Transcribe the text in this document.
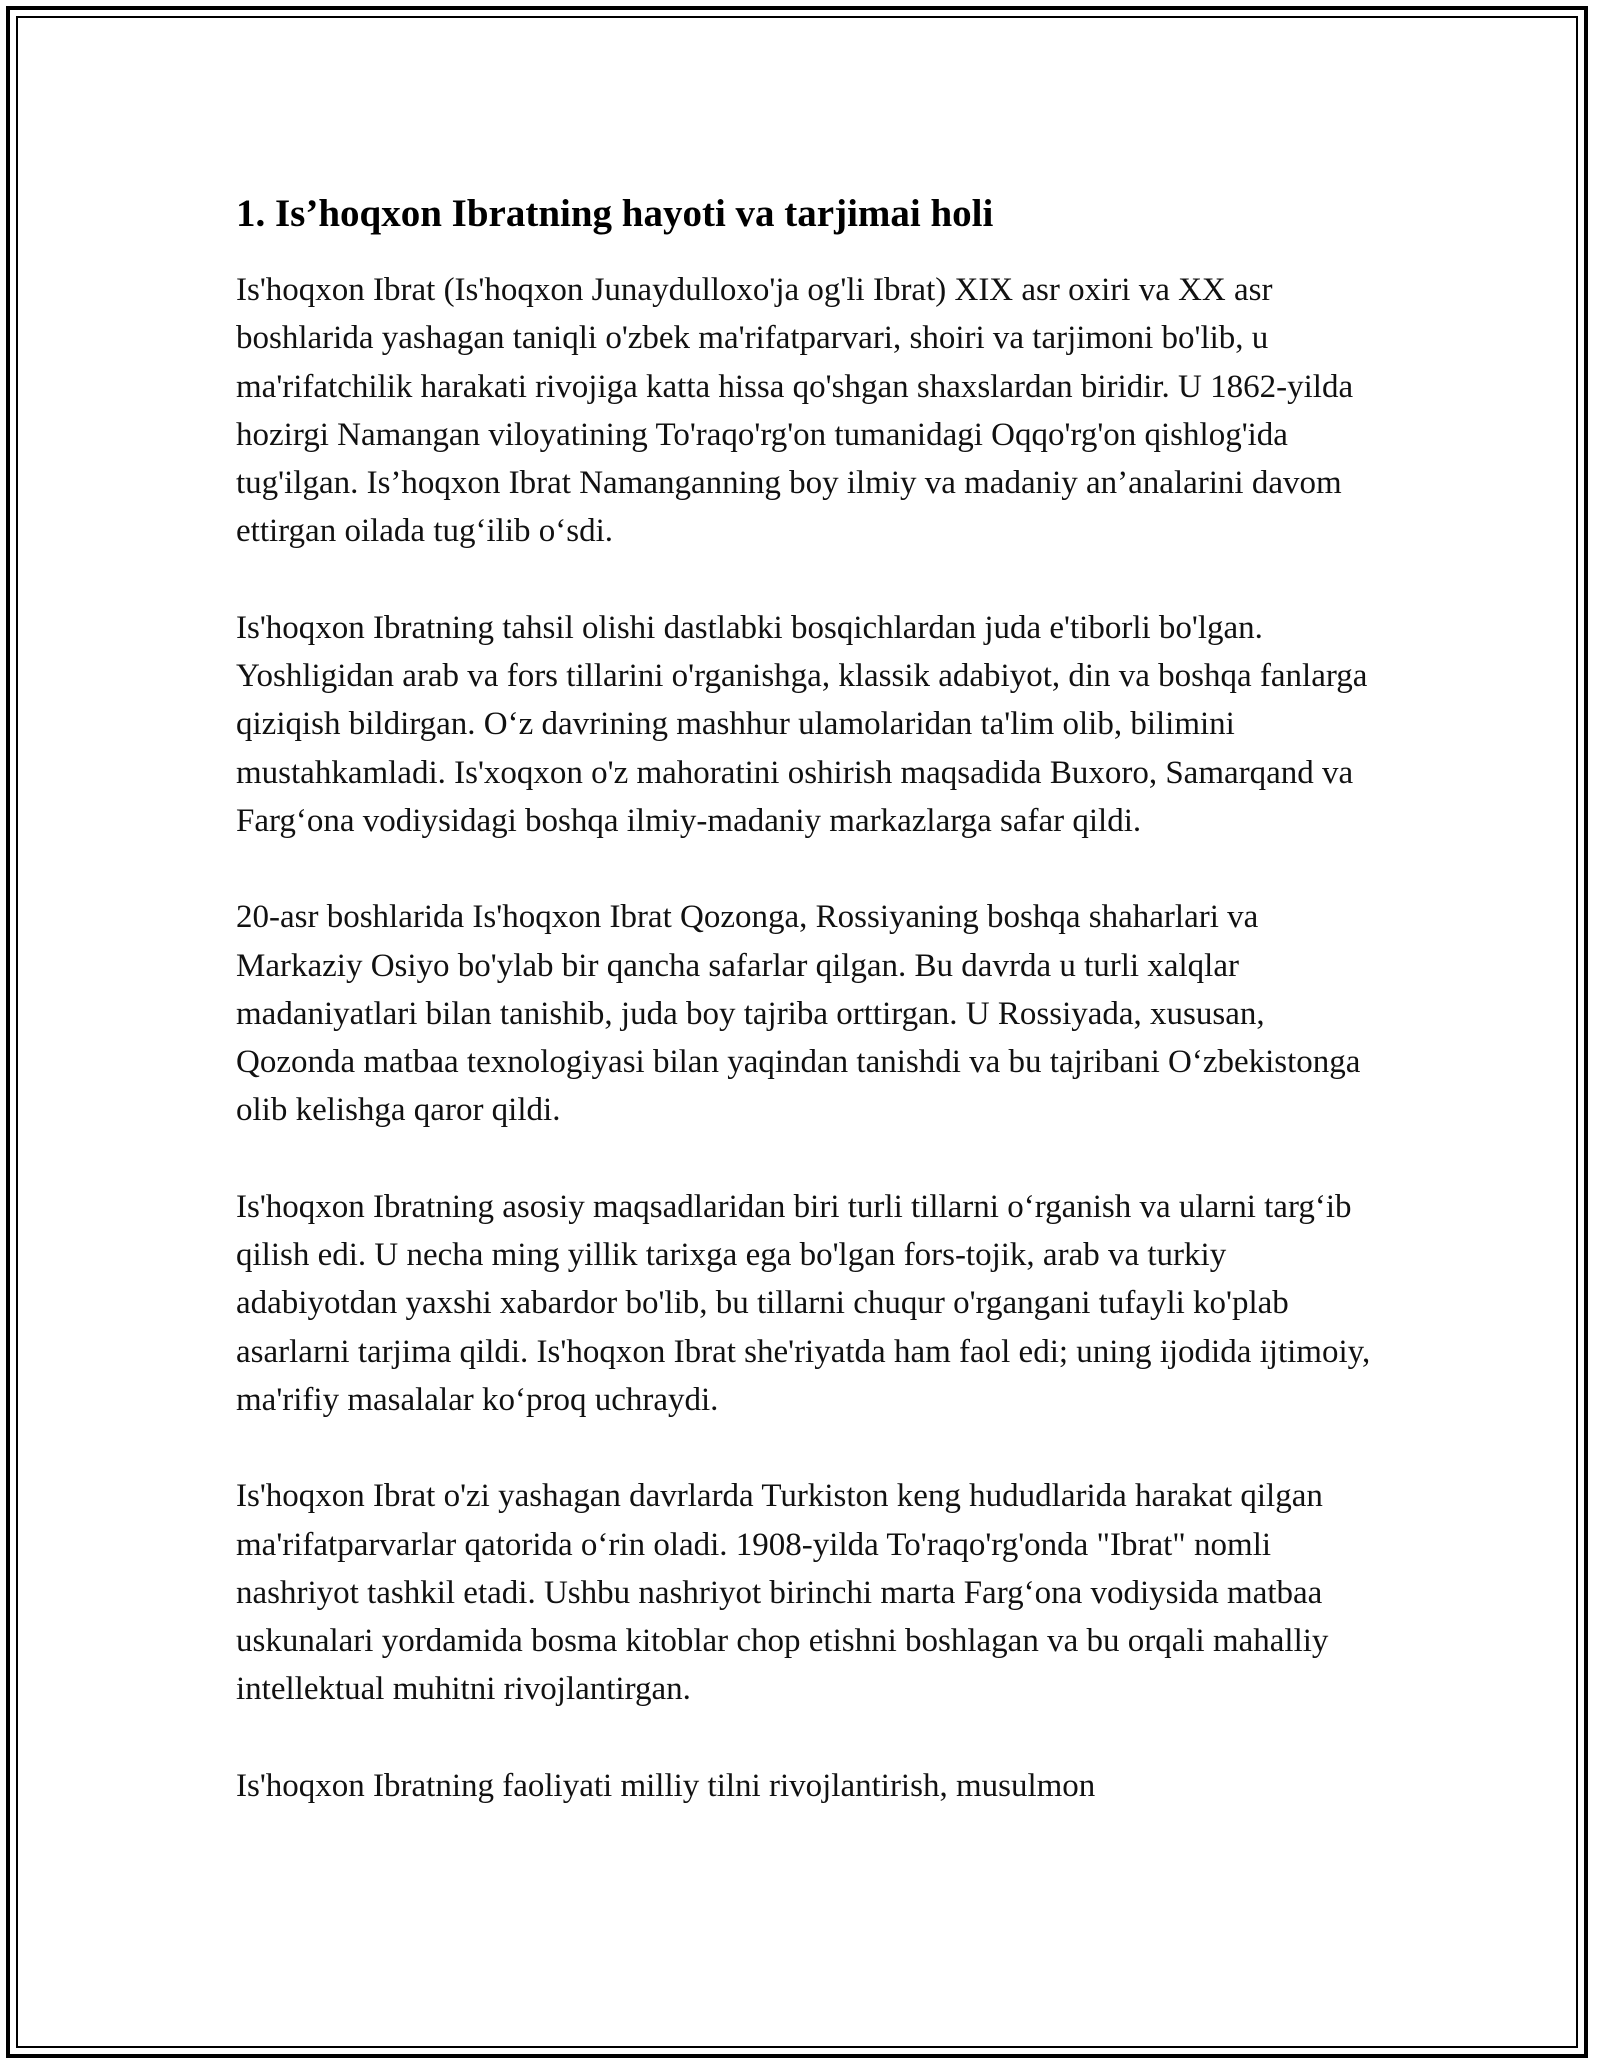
1. Is’hoqxon Ibratning hayoti va tarjimai holi

Is'hoqxon Ibrat (Is'hoqxon Junaydulloxo'ja og'li Ibrat) XIX asr oxiri va XX asr boshlarida yashagan taniqli o'zbek ma'rifatparvari, shoiri va tarjimoni bo'lib, u ma'rifatchilik harakati rivojiga katta hissa qo'shgan shaxslardan biridir. U 1862-yilda hozirgi Namangan viloyatining To'raqo'rg'on tumanidagi Oqqo'rg'on qishlog'ida tug'ilgan. Is’hoqxon Ibrat Namanganning boy ilmiy va madaniy an’analarini davom ettirgan oilada tug‘ilib o‘sdi.

Is'hoqxon Ibratning tahsil olishi dastlabki bosqichlardan juda e'tiborli bo'lgan. Yoshligidan arab va fors tillarini o'rganishga, klassik adabiyot, din va boshqa fanlarga qiziqish bildirgan. O‘z davrining mashhur ulamolaridan ta'lim olib, bilimini mustahkamladi. Is'xoqxon o'z mahoratini oshirish maqsadida Buxoro, Samarqand va Farg‘ona vodiysidagi boshqa ilmiy-madaniy markazlarga safar qildi.

20-asr boshlarida Is'hoqxon Ibrat Qozonga, Rossiyaning boshqa shaharlari va Markaziy Osiyo bo'ylab bir qancha safarlar qilgan. Bu davrda u turli xalqlar madaniyatlari bilan tanishib, juda boy tajriba orttirgan. U Rossiyada, xususan, Qozonda matbaa texnologiyasi bilan yaqindan tanishdi va bu tajribani O‘zbekistonga olib kelishga qaror qildi.

Is'hoqxon Ibratning asosiy maqsadlaridan biri turli tillarni o‘rganish va ularni targ‘ib qilish edi. U necha ming yillik tarixga ega bo'lgan fors-tojik, arab va turkiy adabiyotdan yaxshi xabardor bo'lib, bu tillarni chuqur o'rgangani tufayli ko'plab asarlarni tarjima qildi. Is'hoqxon Ibrat she'riyatda ham faol edi; uning ijodida ijtimoiy, ma'rifiy masalalar ko‘proq uchraydi.

Is'hoqxon Ibrat o'zi yashagan davrlarda Turkiston keng hududlarida harakat qilgan ma'rifatparvarlar qatorida o‘rin oladi. 1908-yilda To'raqo'rg'onda "Ibrat" nomli nashriyot tashkil etadi. Ushbu nashriyot birinchi marta Farg‘ona vodiysida matbaa uskunalari yordamida bosma kitoblar chop etishni boshlagan va bu orqali mahalliy intellektual muhitni rivojlantirgan.

Is'hoqxon Ibratning faoliyati milliy tilni rivojlantirish, musulmon
